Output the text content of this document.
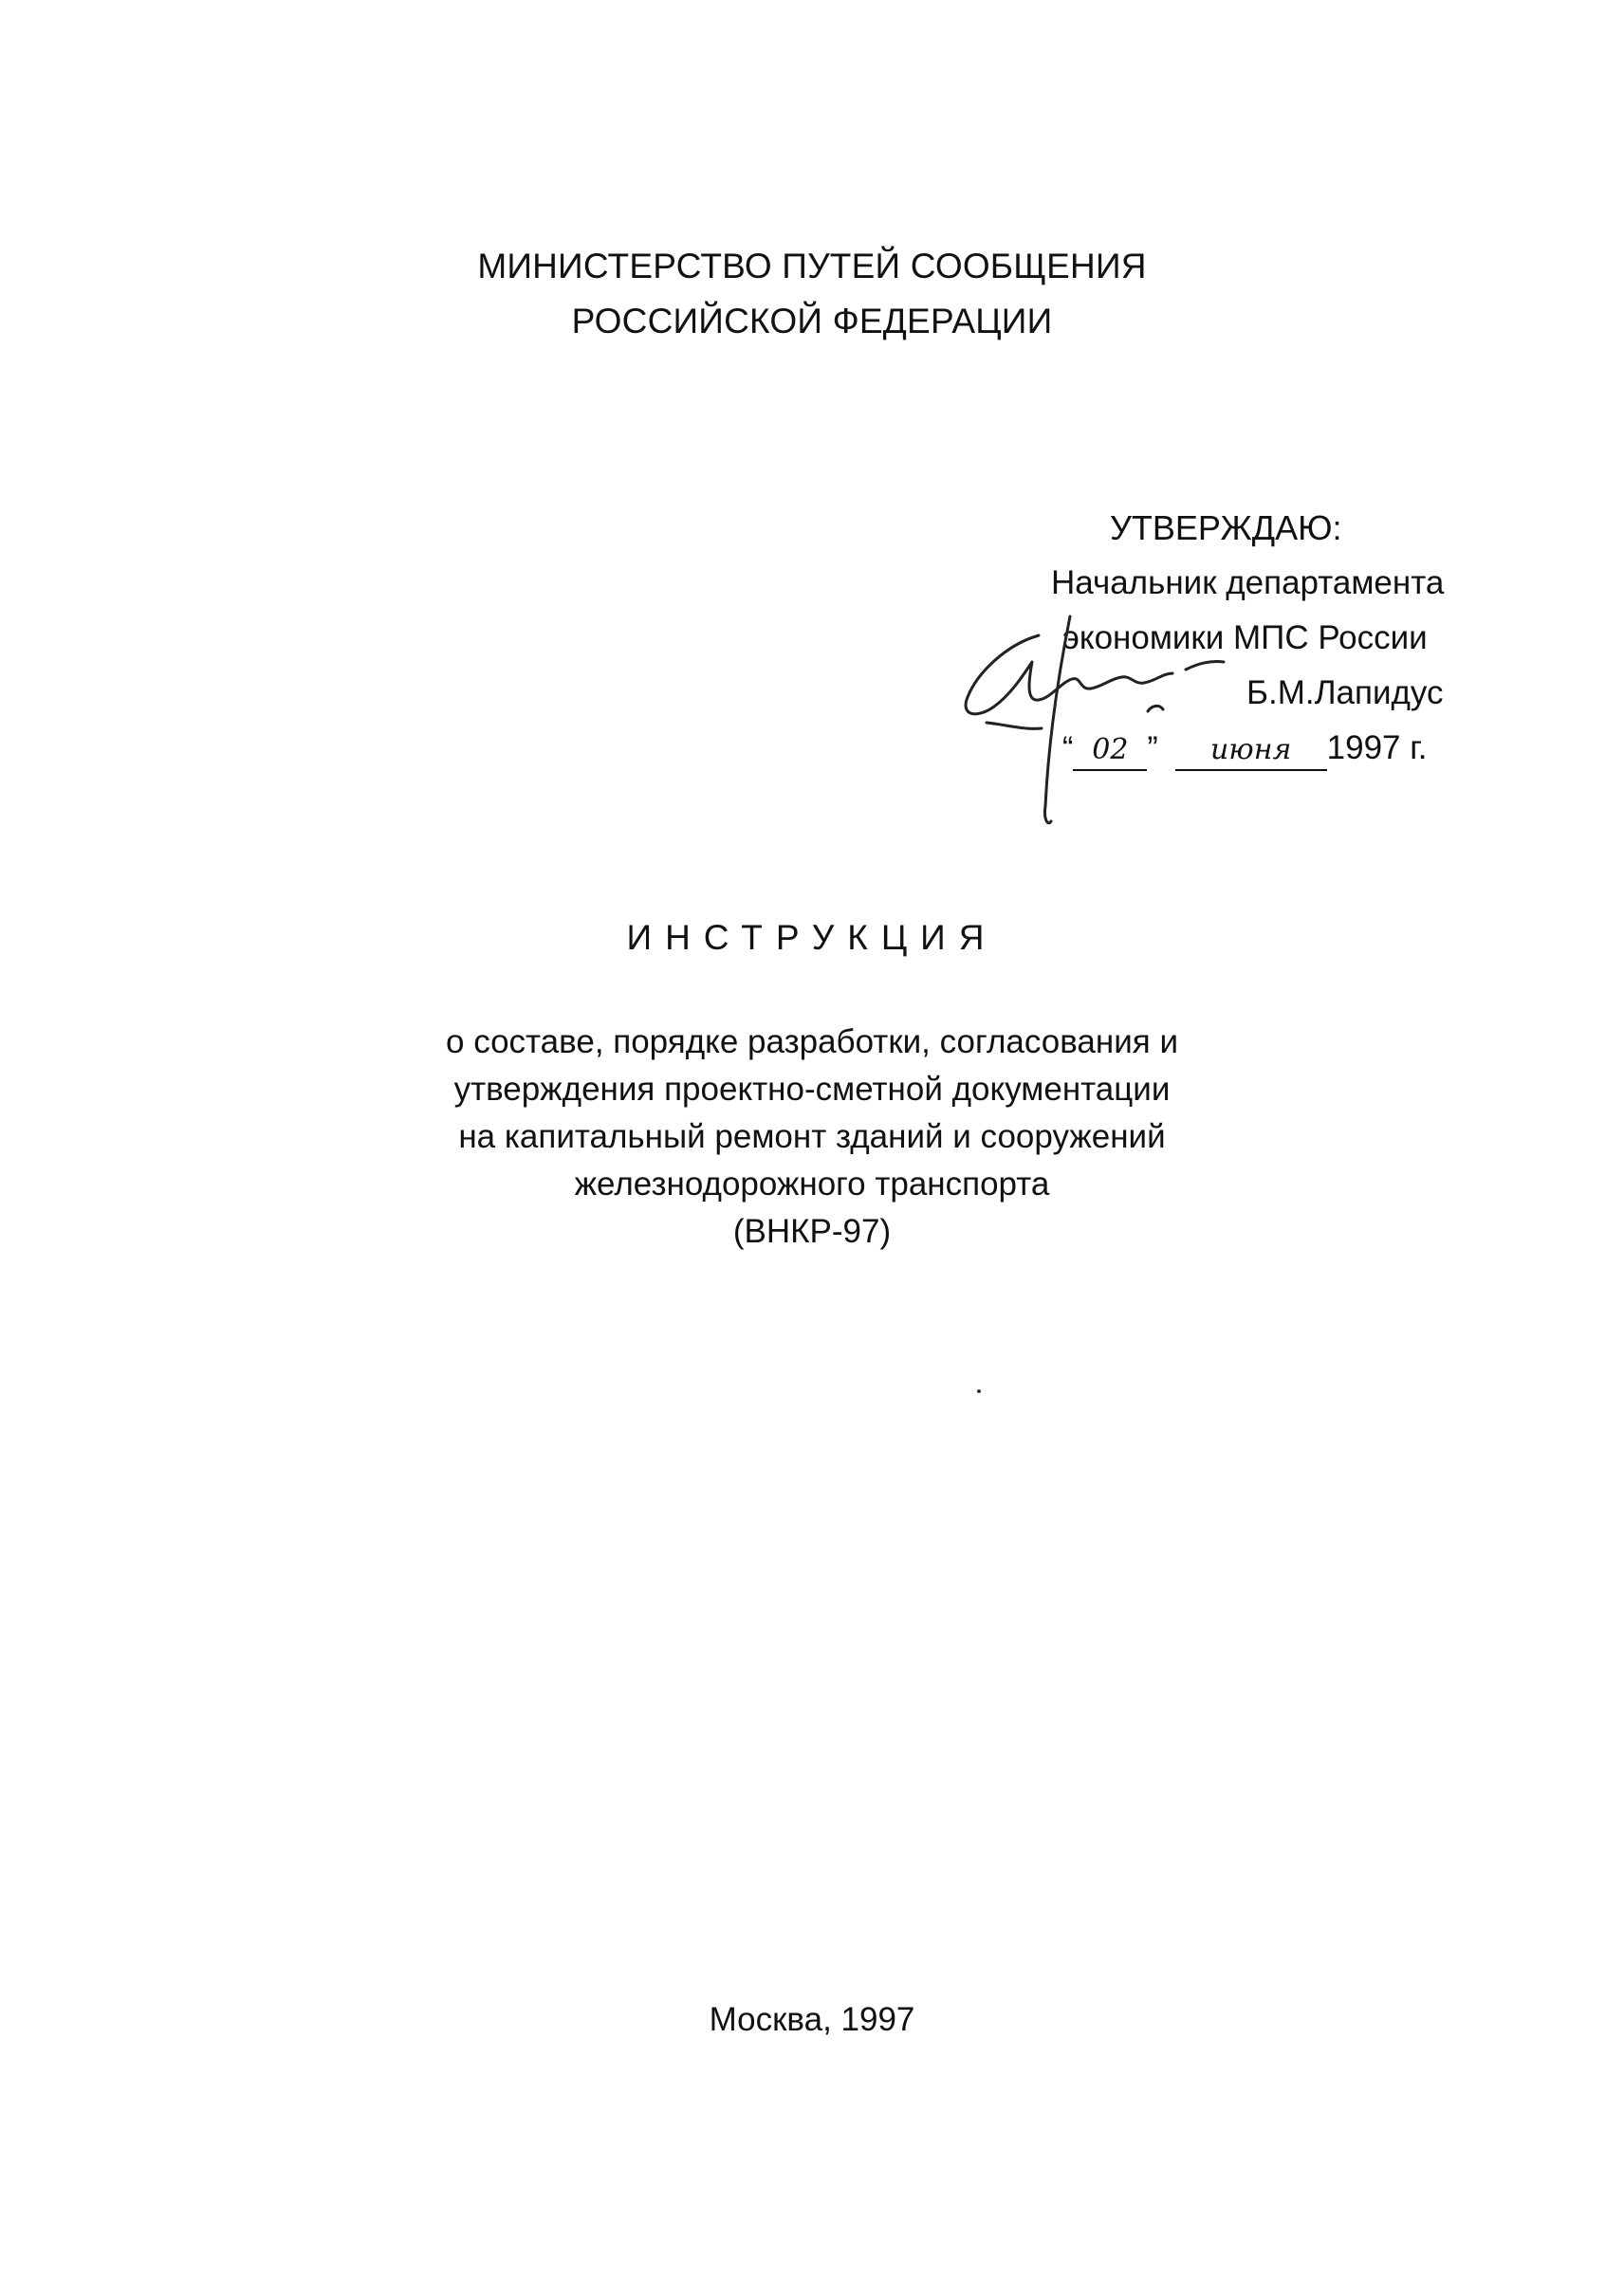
МИНИСТЕРСТВО ПУТЕЙ СООБЩЕНИЯ
РОССИЙСКОЙ ФЕДЕРАЦИИ
УТВЕРЖДАЮ:
Начальник департамента
экономики МПС России
Б.М.Лапидус
“ 02 ” июня 1997 г.
ИНСТРУКЦИЯ
о составе, порядке разработки, согласования и
утверждения проектно-сметной документации
на капитальный ремонт зданий и сооружений
железнодорожного транспорта
(ВНКР-97)
Москва, 1997
